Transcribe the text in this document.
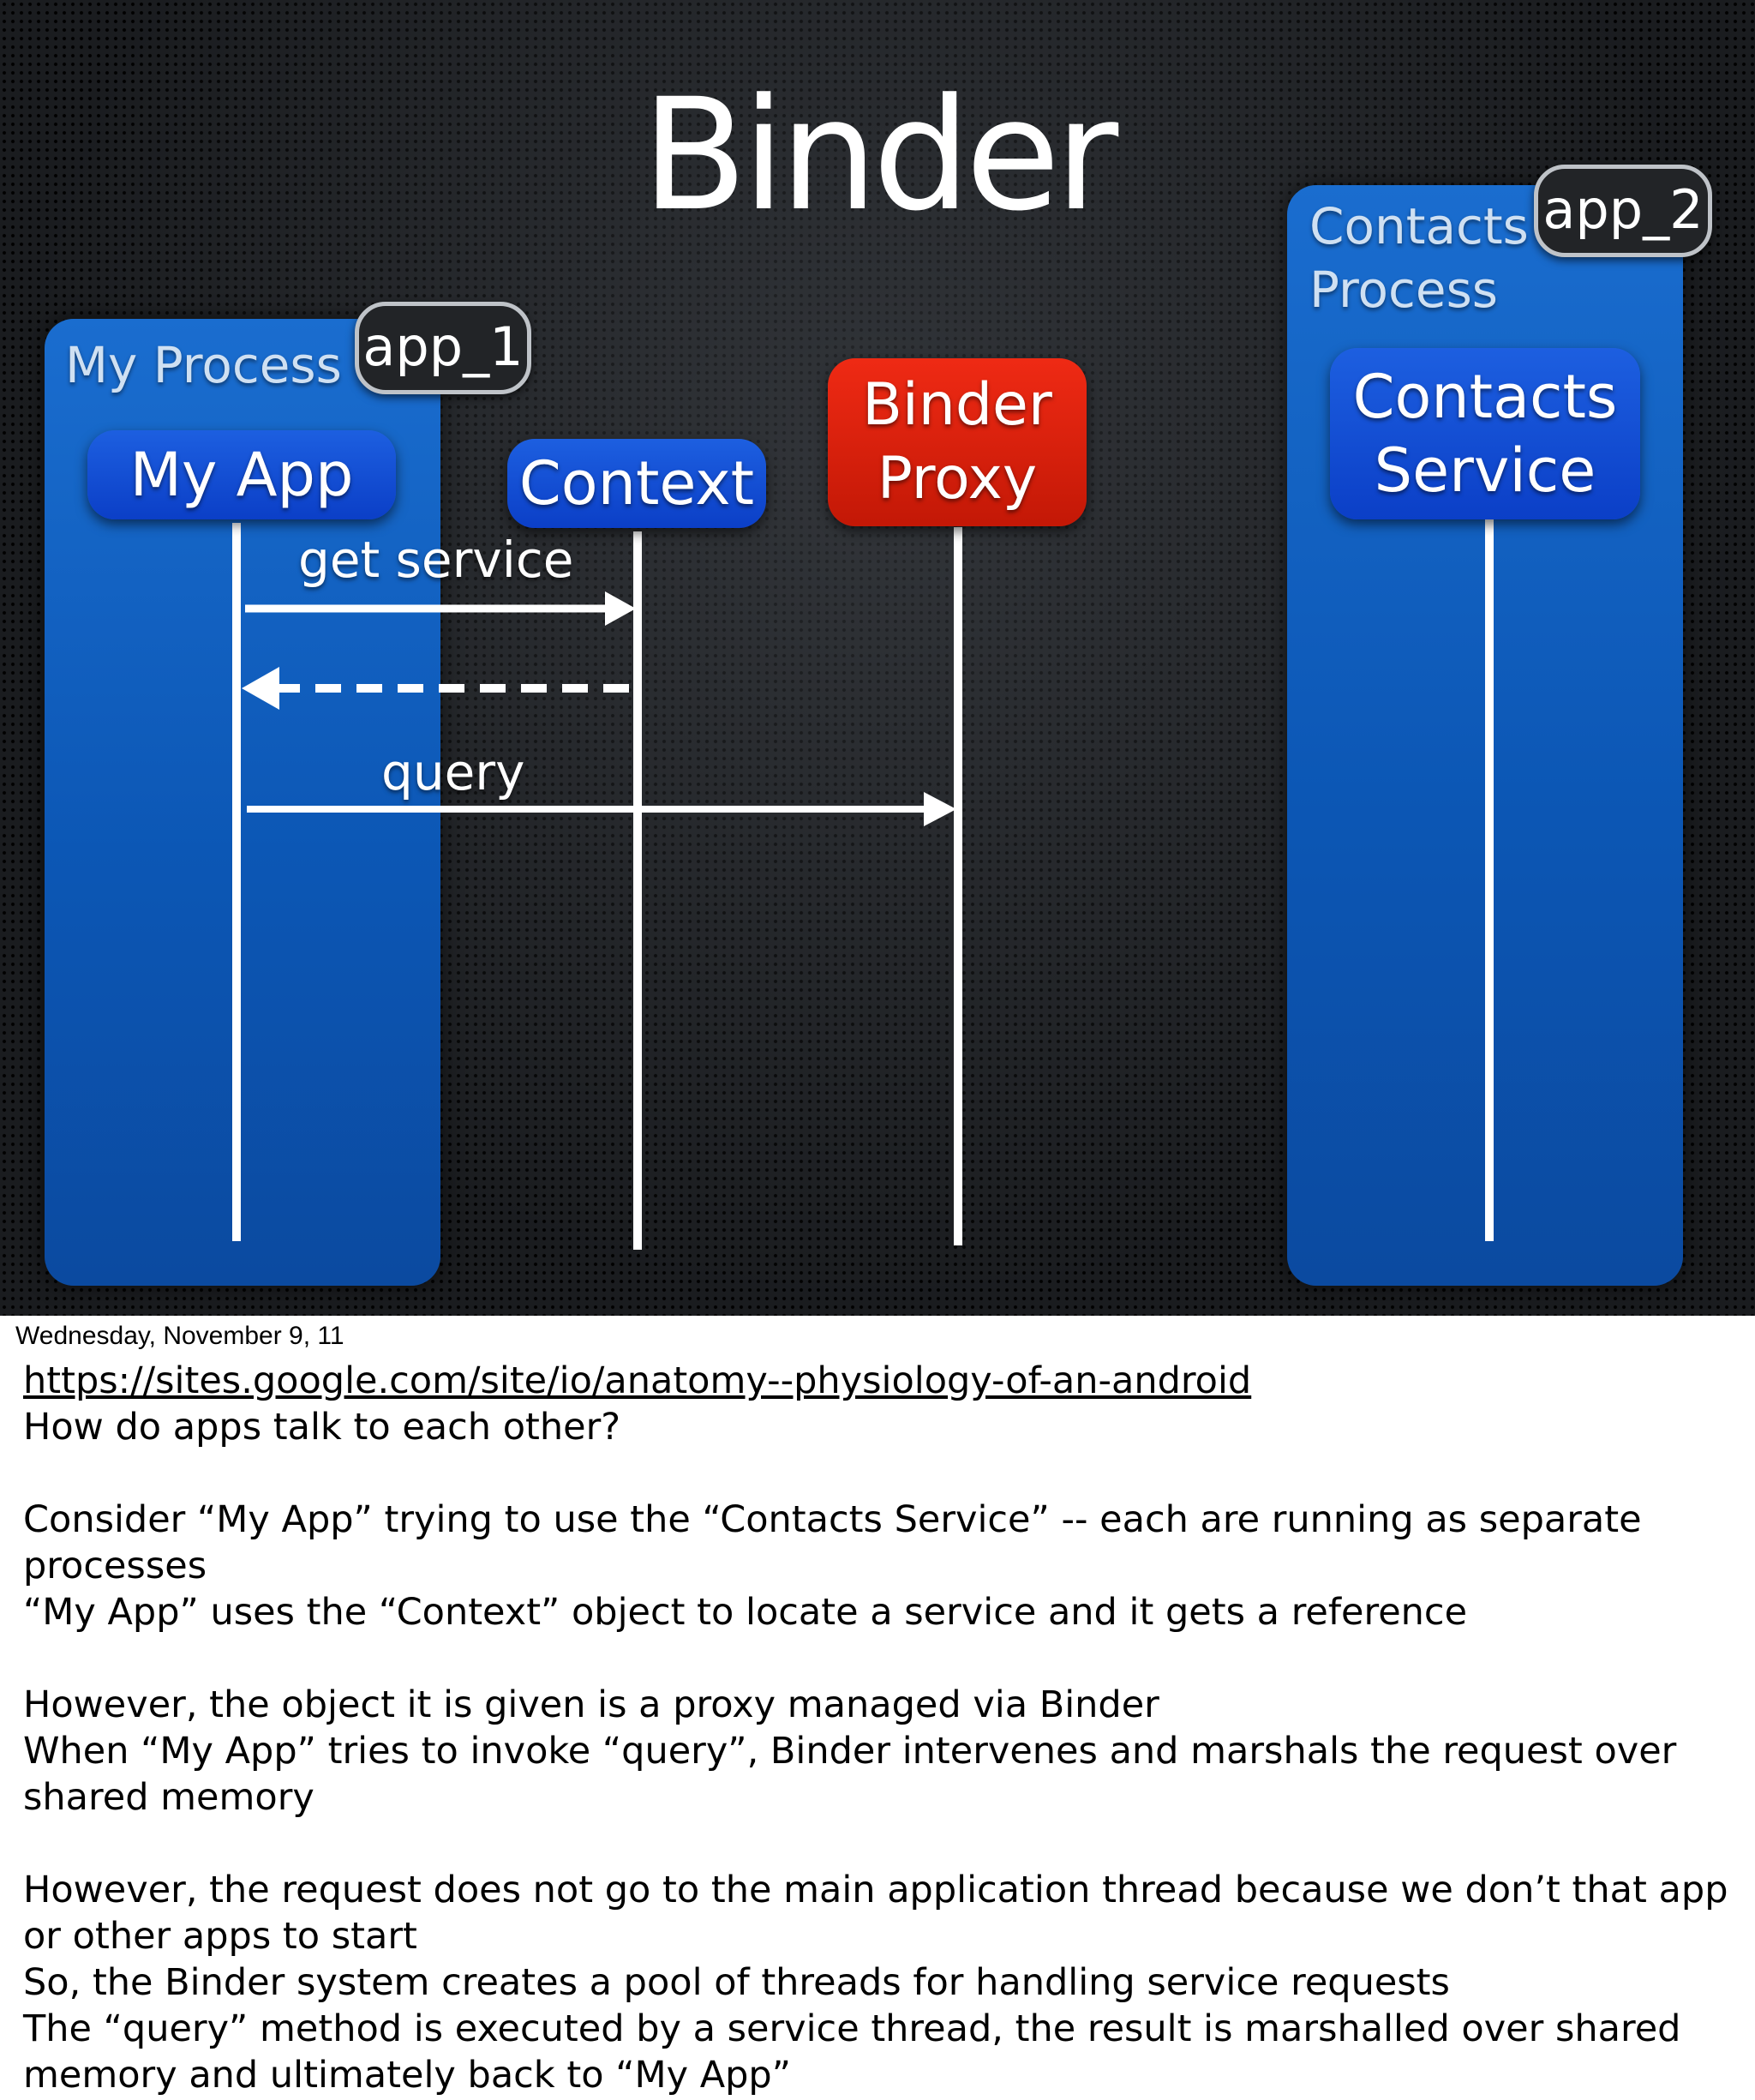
Binder
My Process app_1
Contacts
Process
app_2
My App	Context
Binder
Proxy
Contacts
Service
get service
query
Wednesday, November 9, 11
https://sites.google.com/site/io/anatomy--physiology-of-an-android
How do apps talk to each other?
Consider “My App” trying to use the “Contacts Service” -- each are running as separate processes
“My App” uses the “Context” object to locate a service and it gets a reference
However, the object it is given is a proxy managed via Binder
When “My App” tries to invoke “query”, Binder intervenes and marshals the request over shared memory
However, the request does not go to the main application thread because we don’t that app or other apps to start
So, the Binder system creates a pool of threads for handling service requests
The “query” method is executed by a service thread, the result is marshalled over shared memory and ultimately back to “My App”
